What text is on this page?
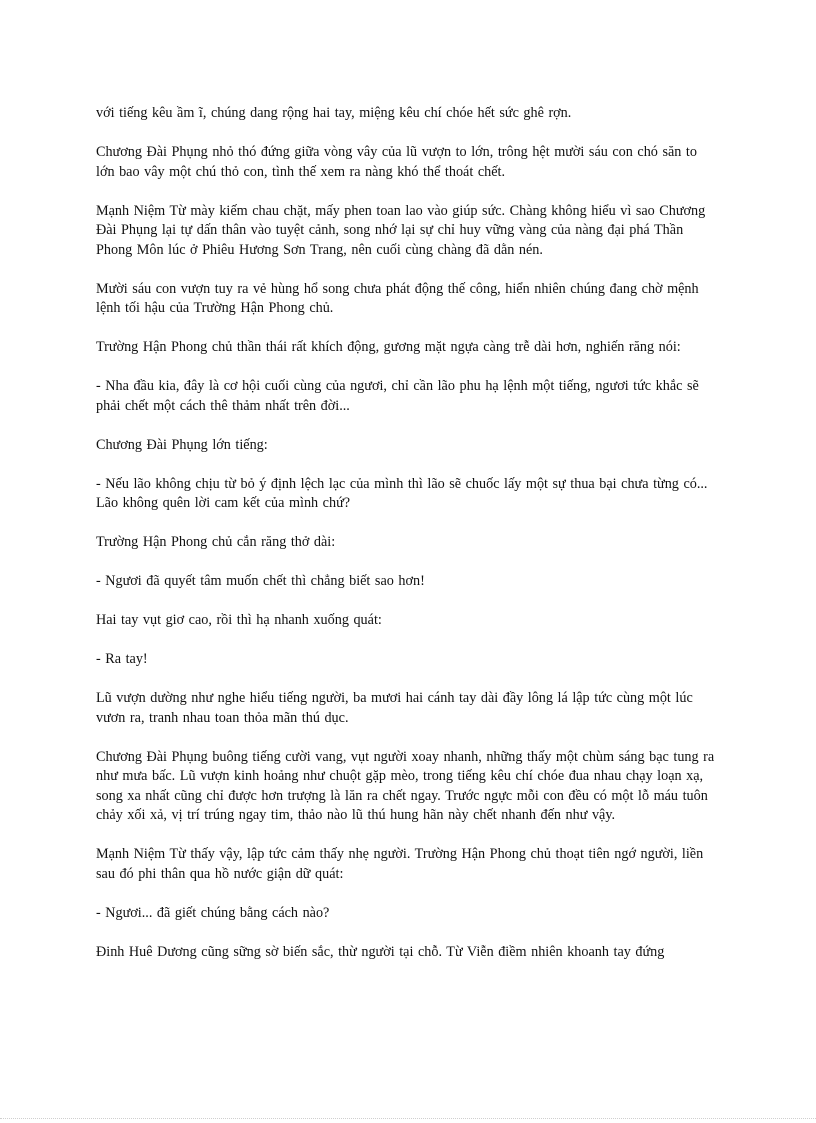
với tiếng kêu ầm ĩ, chúng dang rộng hai tay, miệng kêu chí chóe hết sức ghê rợn.

Chương Đài Phụng nhỏ thó đứng giữa vòng vây của lũ vượn to lớn, trông hệt mười sáu con chó săn to lớn bao vây một chú thỏ con, tình thế xem ra nàng khó thể thoát chết.

Mạnh Niệm Từ mày kiếm chau chặt, mấy phen toan lao vào giúp sức. Chàng không hiểu vì sao Chương Đài Phụng lại tự dấn thân vào tuyệt cảnh, song nhớ lại sự chỉ huy vững vàng của nàng đại phá Thần Phong Môn lúc ở Phiêu Hương Sơn Trang, nên cuối cùng chàng đã dằn nén.

Mười sáu con vượn tuy ra vẻ hùng hổ song chưa phát động thế công, hiển nhiên chúng đang chờ mệnh lệnh tối hậu của Trường Hận Phong chủ.

Trường Hận Phong chủ thần thái rất khích động, gương mặt ngựa càng trễ dài hơn, nghiến răng nói:

- Nha đầu kia, đây là cơ hội cuối cùng của ngươi, chỉ cần lão phu hạ lệnh một tiếng, ngươi tức khắc sẽ phải chết một cách thê thảm nhất trên đời...

Chương Đài Phụng lớn tiếng:

- Nếu lão không chịu từ bỏ ý định lệch lạc của mình thì lão sẽ chuốc lấy một sự thua bại chưa từng có... Lão không quên lời cam kết của mình chứ?

Trường Hận Phong chủ cắn răng thở dài:

- Ngươi đã quyết tâm muốn chết thì chẳng biết sao hơn!

Hai tay vụt giơ cao, rồi thì hạ nhanh xuống quát:

- Ra tay!

Lũ vượn dường như nghe hiểu tiếng người, ba mươi hai cánh tay dài đầy lông lá lập tức cùng một lúc vươn ra, tranh nhau toan thỏa mãn thú dục.

Chương Đài Phụng buông tiếng cười vang, vụt người xoay nhanh, những thấy một chùm sáng bạc tung ra như mưa bấc. Lũ vượn kinh hoảng như chuột gặp mèo, trong tiếng kêu chí chóe đua nhau chạy loạn xạ, song xa nhất cũng chỉ được hơn trượng là lăn ra chết ngay. Trước ngực mỗi con đều có một lỗ máu tuôn chảy xối xả, vị trí trúng ngay tim, thảo nào lũ thú hung hãn này chết nhanh đến như vậy.

Mạnh Niệm Từ thấy vậy, lập tức cảm thấy nhẹ người. Trường Hận Phong chủ thoạt tiên ngớ người, liền sau đó phi thân qua hồ nước giận dữ quát:

- Ngươi... đã giết chúng bằng cách nào?

Đinh Huê Dương cũng sững sờ biến sắc, thừ người tại chỗ. Từ Viễn điềm nhiên khoanh tay đứng
